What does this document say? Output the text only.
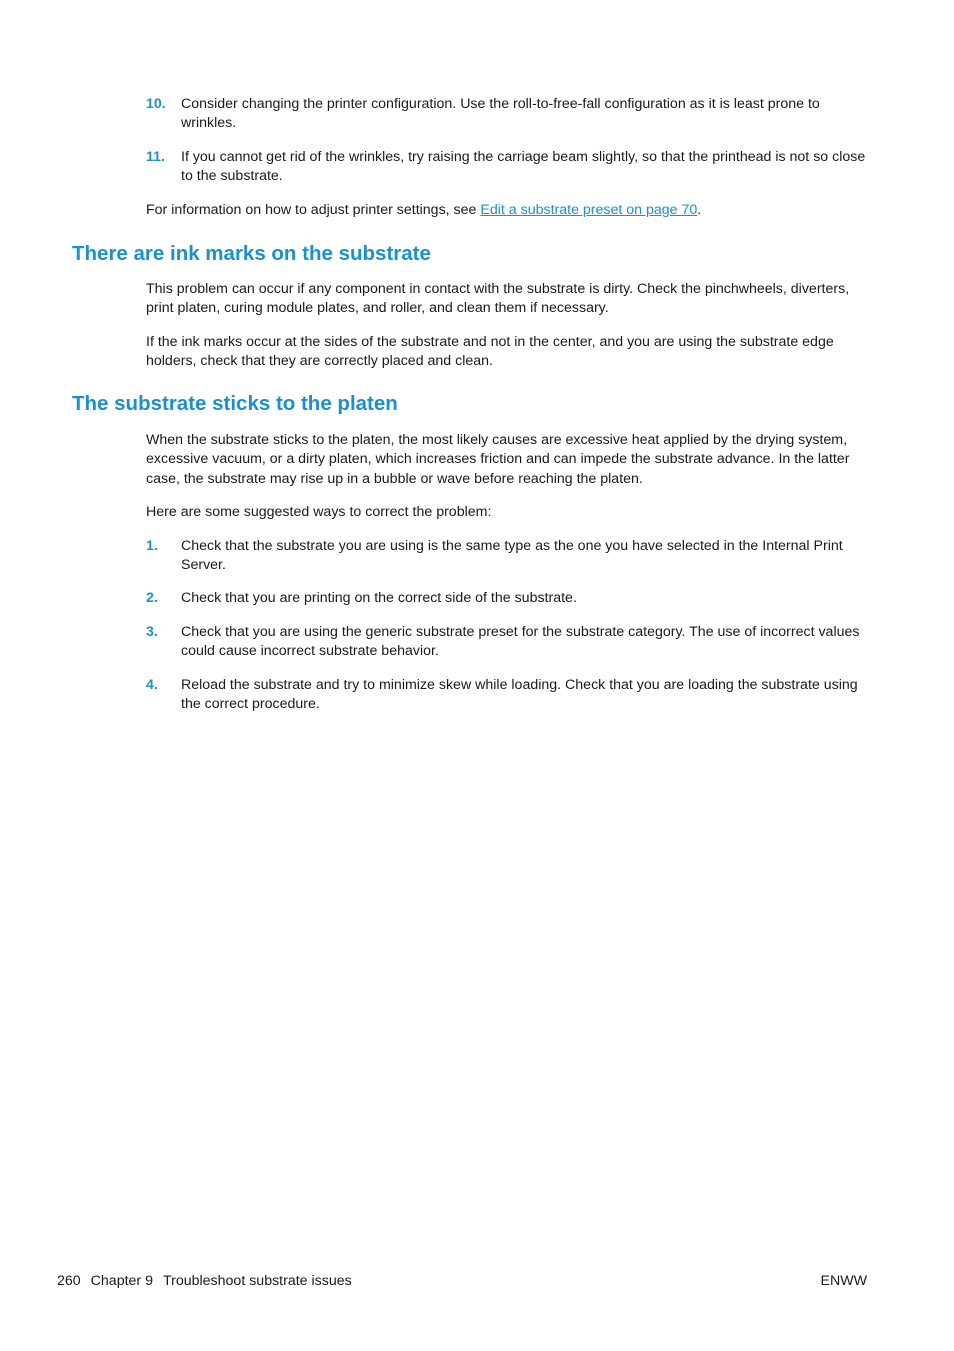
10. Consider changing the printer configuration. Use the roll-to-free-fall configuration as it is least prone to wrinkles.
11. If you cannot get rid of the wrinkles, try raising the carriage beam slightly, so that the printhead is not so close to the substrate.

For information on how to adjust printer settings, see Edit a substrate preset on page 70.

There are ink marks on the substrate

This problem can occur if any component in contact with the substrate is dirty. Check the pinchwheels, diverters, print platen, curing module plates, and roller, and clean them if necessary.

If the ink marks occur at the sides of the substrate and not in the center, and you are using the substrate edge holders, check that they are correctly placed and clean.

The substrate sticks to the platen

When the substrate sticks to the platen, the most likely causes are excessive heat applied by the drying system, excessive vacuum, or a dirty platen, which increases friction and can impede the substrate advance. In the latter case, the substrate may rise up in a bubble or wave before reaching the platen.

Here are some suggested ways to correct the problem:

1. Check that the substrate you are using is the same type as the one you have selected in the Internal Print Server.
2. Check that you are printing on the correct side of the substrate.
3. Check that you are using the generic substrate preset for the substrate category. The use of incorrect values could cause incorrect substrate behavior.
4. Reload the substrate and try to minimize skew while loading. Check that you are loading the substrate using the correct procedure.
260 Chapter 9 Troubleshoot substrate issues	ENWW
